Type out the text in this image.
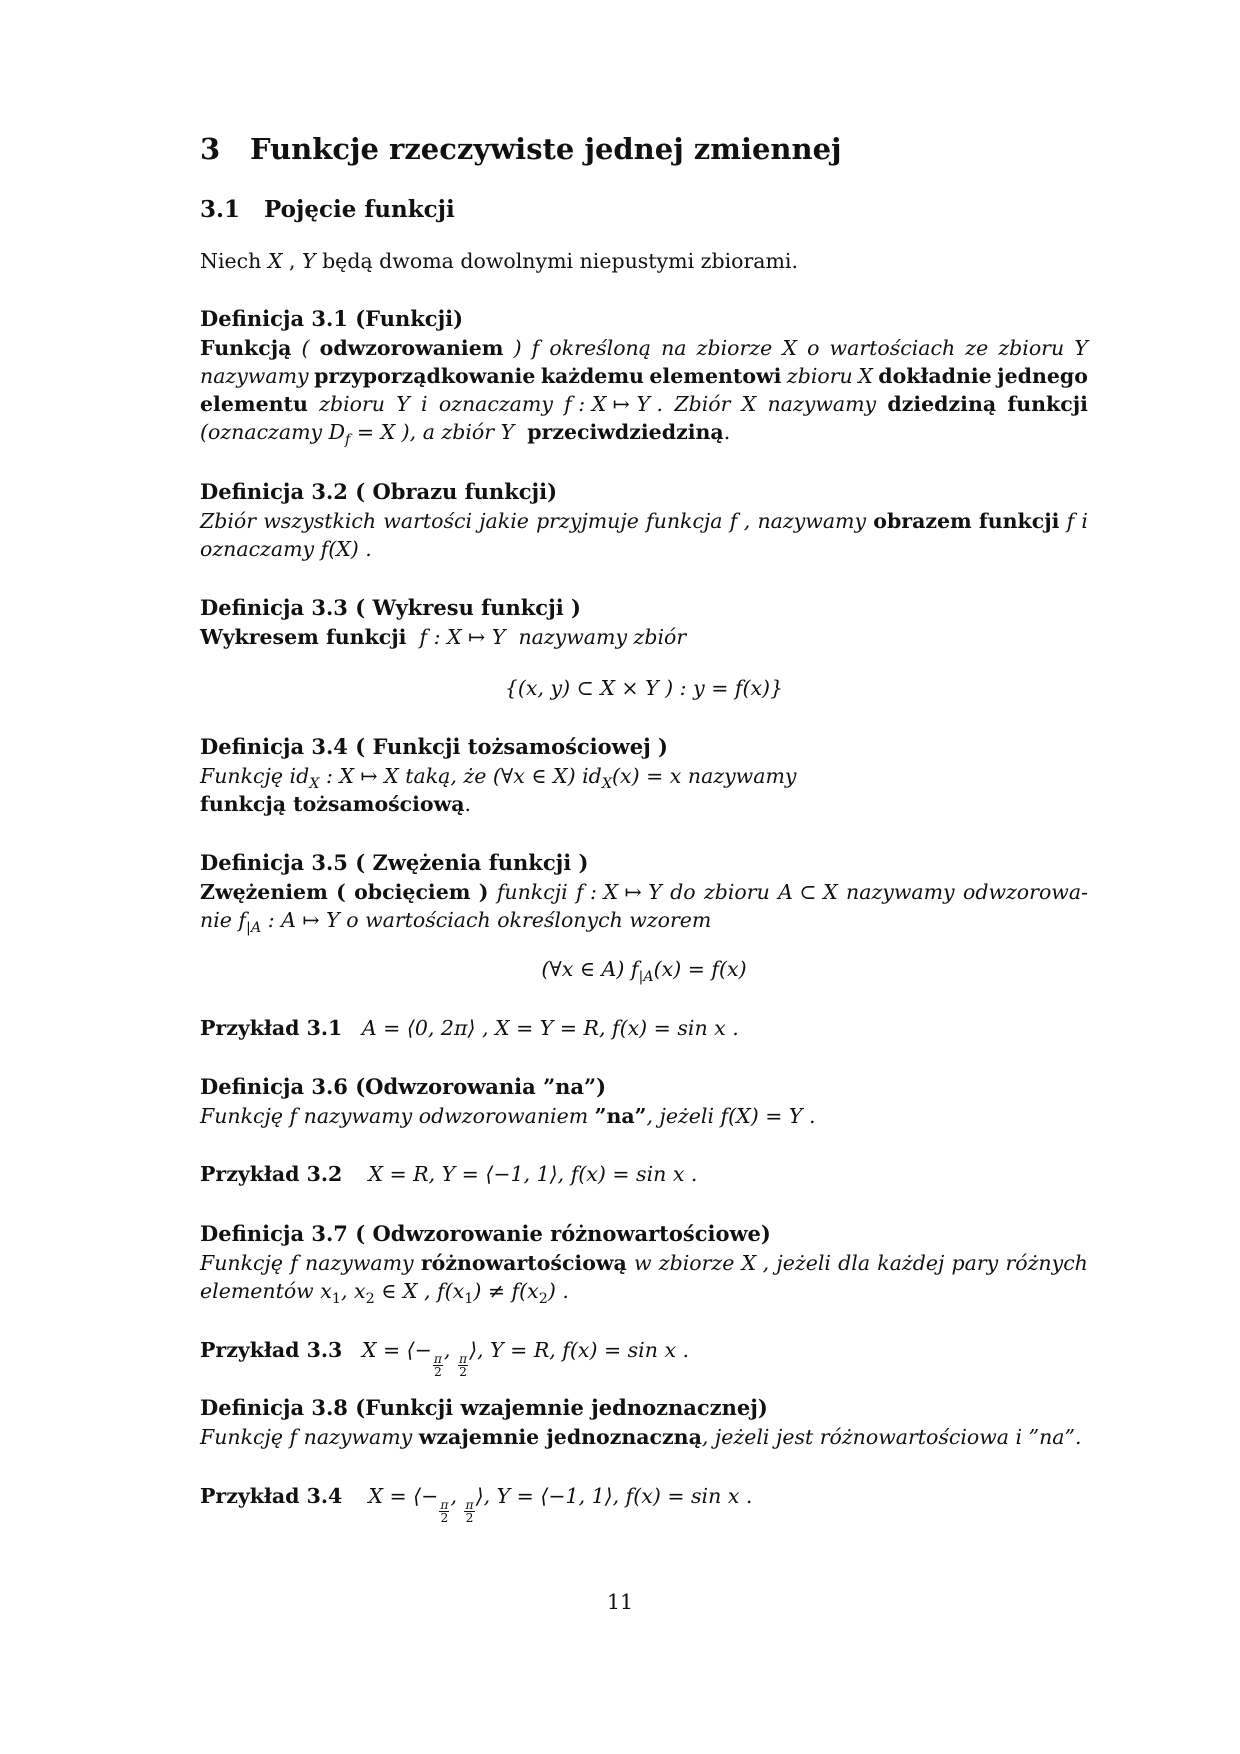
3 Funkcje rzeczywiste jednej zmiennej
3.1 Pojęcie funkcji
Niech X , Y będą dwoma dowolnymi niepustymi zbiorami.
Definicja 3.1 (Funkcji)
Funkcją ( odwzorowaniem ) f określoną na zbiorze X o wartościach ze zbioru Y
nazywamy przyporządkowanie każdemu elementowi zbioru X dokładnie jednego
elementu zbioru Y i oznaczamy f : X ↦ Y . Zbiór X nazywamy dziedziną funkcji
(oznaczamy $D_f = X$ ), a zbiór Y przeciwdziedziną.
Definicja 3.2 ( Obrazu funkcji)
Zbiór wszystkich wartości jakie przyjmuje funkcja f , nazywamy obrazem funkcji f i
oznaczamy f(X) .
Definicja 3.3 ( Wykresu funkcji )
Wykresem funkcji f : X ↦ Y nazywamy zbiór
{(x, y) ⊂ X × Y ) : y = f(x)}
Definicja 3.4 ( Funkcji tożsamościowej )
Funkcję $id_X$ : X ↦ X taką, że (∀x ∈ X) $id_X(x) = x$ nazywamy
funkcją tożsamościową.
Definicja 3.5 ( Zwężenia funkcji )
Zwężeniem ( obcięciem ) funkcji f : X ↦ Y do zbioru A ⊂ X nazywamy odwzorowa-
nie $f_{|A}$ : A ↦ Y o wartościach określonych wzorem
(∀x ∈ A) $f_{|A}(x) = f(x)$
Przykład 3.1 A = ⟨0, 2π⟩ , X = Y = R, f(x) = sin x .
Definicja 3.6 (Odwzorowania ”na”)
Funkcję f nazywamy odwzorowaniem ”na”, jeżeli f(X) = Y .
Przykład 3.2 X = R, Y = ⟨−1, 1⟩, f(x) = sin x .
Definicja 3.7 ( Odwzorowanie różnowartościowe)
Funkcję f nazywamy różnowartościową w zbiorze X , jeżeli dla każdej pary różnych
elementów $x_1$, $x_2$ ∈ X , $f(x_1) \ne f(x_2)$ .
Przykład 3.3 X = ⟨−
$\frac{\pi}{2}$
,
$\frac{\pi}{2}$
⟩, Y = R, f(x) = sin x .
Definicja 3.8 (Funkcji wzajemnie jednoznacznej)
Funkcję f nazywamy wzajemnie jednoznaczną, jeżeli jest różnowartościowa i ”na”.
Przykład 3.4 X = ⟨−
$\frac{\pi}{2}$
,
$\frac{\pi}{2}$
⟩, Y = ⟨−1, 1⟩, f(x) = sin x .
11
